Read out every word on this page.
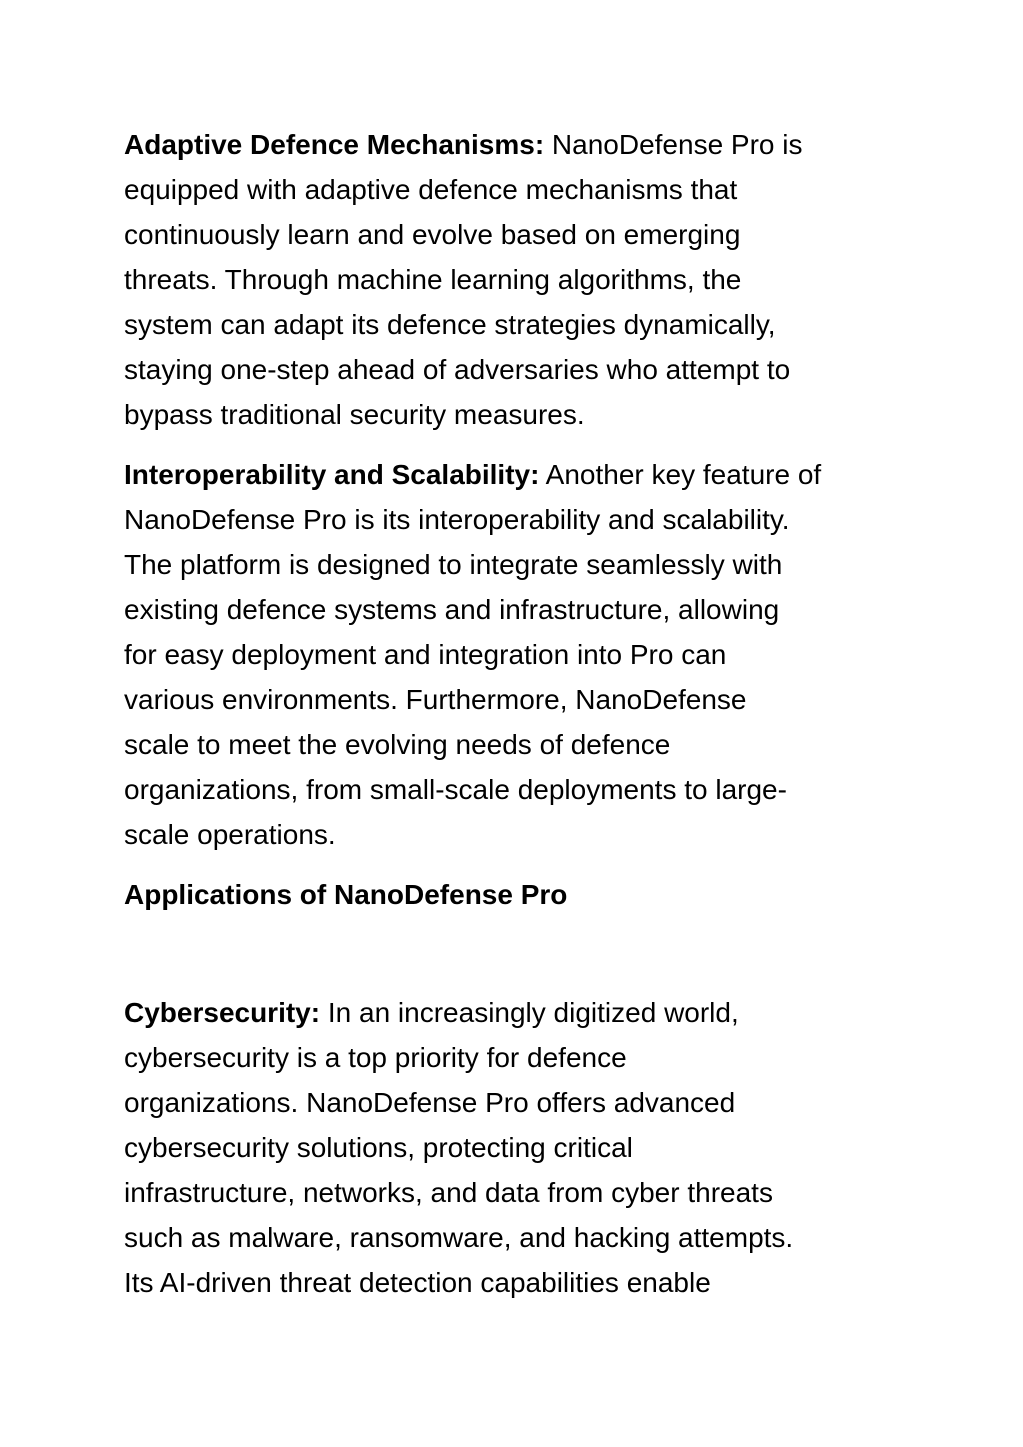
Adaptive Defence Mechanisms: NanoDefense Pro is
equipped with adaptive defence mechanisms that
continuously learn and evolve based on emerging
threats. Through machine learning algorithms, the
system can adapt its defence strategies dynamically,
staying one-step ahead of adversaries who attempt to
bypass traditional security measures.
Interoperability and Scalability: Another key feature of
NanoDefense Pro is its interoperability and scalability.
The platform is designed to integrate seamlessly with
existing defence systems and infrastructure, allowing
for easy deployment and integration into Pro can
various environments. Furthermore, NanoDefense
scale to meet the evolving needs of defence
organizations, from small-scale deployments to large-
scale operations.
Applications of NanoDefense Pro
Cybersecurity: In an increasingly digitized world,
cybersecurity is a top priority for defence
organizations. NanoDefense Pro offers advanced
cybersecurity solutions, protecting critical
infrastructure, networks, and data from cyber threats
such as malware, ransomware, and hacking attempts.
Its AI-driven threat detection capabilities enable
